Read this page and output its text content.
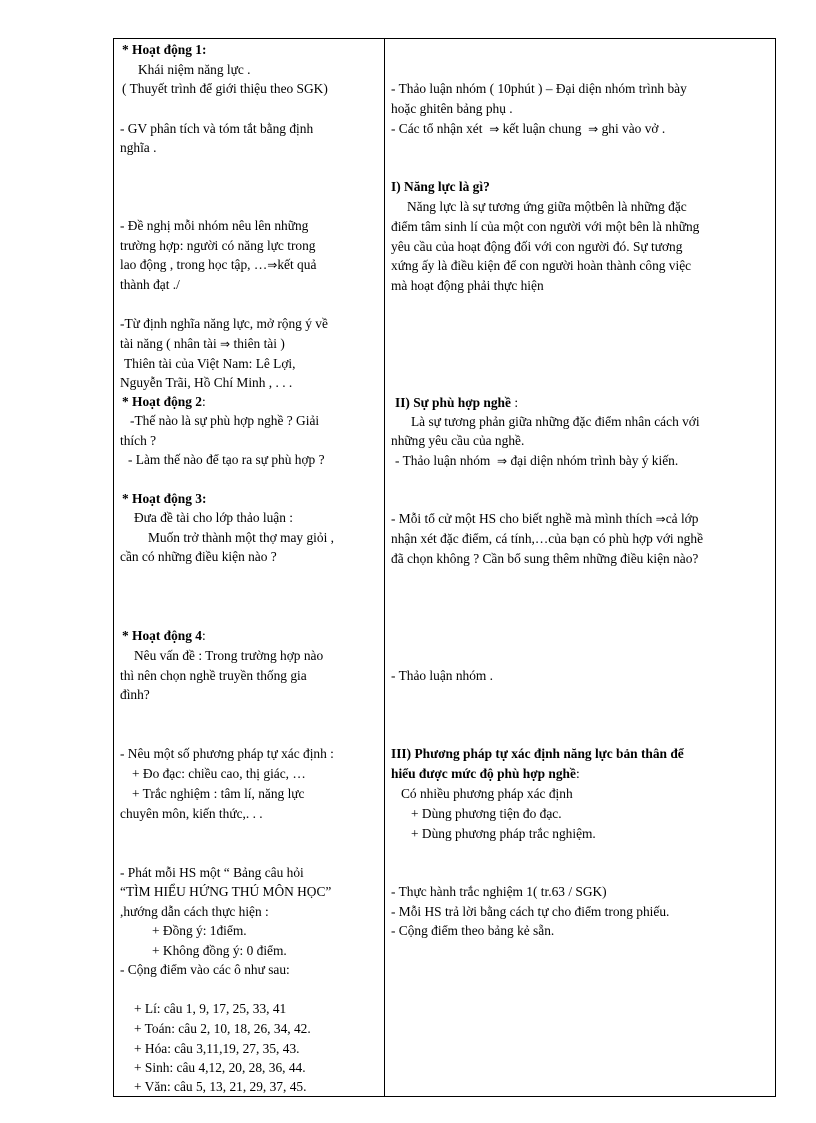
* Hoạt động 1:
Khái niệm năng lực .
( Thuyết trình để giới thiệu theo SGK)
- GV phân tích và tóm tắt bằng định
nghĩa .
- Đề nghị mỗi nhóm nêu lên những
trường hợp: người có năng lực trong
lao động , trong học tập, …⇒kết quả
thành đạt ./
-Từ định nghĩa năng lực, mở rộng ý về
tài năng ( nhân tài ⇒ thiên tài )
Thiên tài của Việt Nam: Lê Lợi,
Nguyễn Trãi, Hồ Chí Minh , . . .
* Hoạt động 2:
-Thế nào là sự phù hợp nghề ? Giải
thích ?
- Làm thế nào để tạo ra sự phù hợp ?
* Hoạt động 3:
Đưa đề tài cho lớp thảo luận :
Muốn trở thành một thợ may giỏi ,
cần có những điều kiện nào ?
* Hoạt động 4:
Nêu vấn đề : Trong trường hợp nào
thì nên chọn nghề truyền thống gia
đình?
- Nêu một số phương pháp tự xác định :
+ Đo đạc: chiều cao, thị giác, …
+ Trắc nghiệm : tâm lí, năng lực
chuyên môn, kiến thức,. . .
- Phát mỗi HS một “ Bảng câu hỏi
“TÌM HIỂU HỨNG THÚ MÔN HỌC”
,hướng dẫn cách thực hiện :
+ Đồng ý: 1điểm.
+ Không đồng ý: 0 điểm.
- Cộng điểm vào các ô như sau:
+ Lí: câu 1, 9, 17, 25, 33, 41
+ Toán: câu 2, 10, 18, 26, 34, 42.
+ Hóa: câu 3,11,19, 27, 35, 43.
+ Sinh: câu 4,12, 20, 28, 36, 44.
+ Văn: câu 5, 13, 21, 29, 37, 45.
- Thảo luận nhóm ( 10phút ) – Đại diện nhóm trình bày
hoặc ghitên bảng phụ .
- Các tổ nhận xét ⇒ kết luận chung ⇒ ghi vào vở .
I) Năng lực là gì?
Năng lực là sự tương ứng giữa mộtbên là những đặc
điểm tâm sinh lí của một con người với một bên là những
yêu cầu của hoạt động đối với con người đó. Sự tương
xứng ấy là điều kiện để con người hoàn thành công việc
mà hoạt động phải thực hiện
II) Sự phù hợp nghề :
Là sự tương phản giữa những đặc điểm nhân cách với
những yêu cầu của nghề.
- Thảo luận nhóm ⇒ đại diện nhóm trình bày ý kiến.
- Mỗi tổ cử một HS cho biết nghề mà mình thích ⇒cả lớp
nhận xét đặc điểm, cá tính,…của bạn có phù hợp với nghề
đã chọn không ? Cần bổ sung thêm những điều kiện nào?
- Thảo luận nhóm .
III) Phương pháp tự xác định năng lực bản thân để
hiểu được mức độ phù hợp nghề:
Có nhiều phương pháp xác định
+ Dùng phương tiện đo đạc.
+ Dùng phương pháp trắc nghiệm.
- Thực hành trắc nghiệm 1( tr.63 / SGK)
- Mỗi HS trả lời bằng cách tự cho điểm trong phiếu.
- Cộng điểm theo bảng kẻ sẵn.
